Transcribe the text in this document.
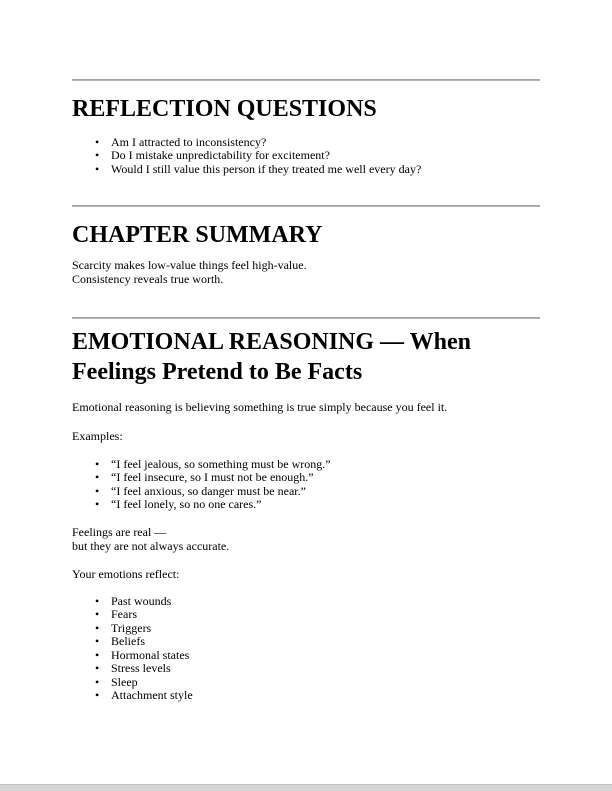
REFLECTION QUESTIONS
• Am I attracted to inconsistency?
• Do I mistake unpredictability for excitement?
• Would I still value this person if they treated me well every day?
CHAPTER SUMMARY

Scarcity makes low-value things feel high-value.
Consistency reveals true worth.

EMOTIONAL REASONING — When Feelings Pretend to Be Facts

Emotional reasoning is believing something is true simply because you feel it.

Examples:

• “I feel jealous, so something must be wrong.”
• “I feel insecure, so I must not be enough.”
• “I feel anxious, so danger must be near.”
• “I feel lonely, so no one cares.”

Feelings are real —
but they are not always accurate.

Your emotions reflect:

• Past wounds
• Fears
• Triggers
• Beliefs
• Hormonal states
• Stress levels
• Sleep
• Attachment style
